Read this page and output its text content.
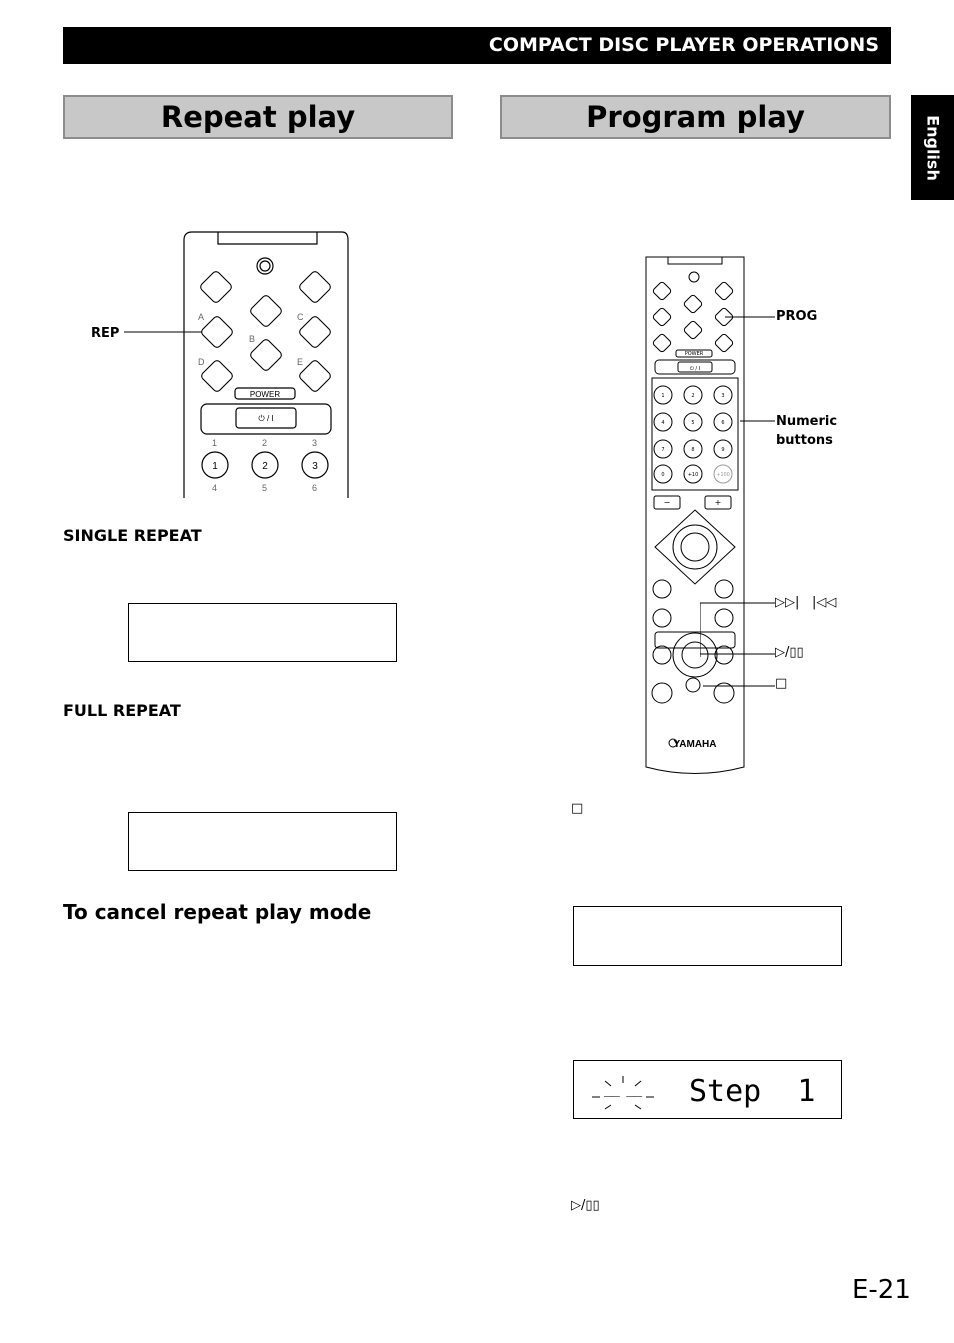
COMPACT DISC PLAYER OPERATIONS
English
Repeat play	Program play
A
B
C
D	E
1	2	3
4	5	6
POWER
⏻ / I
1	2	3
REP
SINGLE REPEAT
FULL REPEAT
To cancel repeat play mode
POWER
⏻ / I
1	2	3
4	5	6
7	8	9
0	+10	+100
−	+
YAMAHA
PROG
Numeric
buttons
▷▷| |◁◁
▷/▯▯
□
□
__ __ Step  1
▷/▯▯
E-21
